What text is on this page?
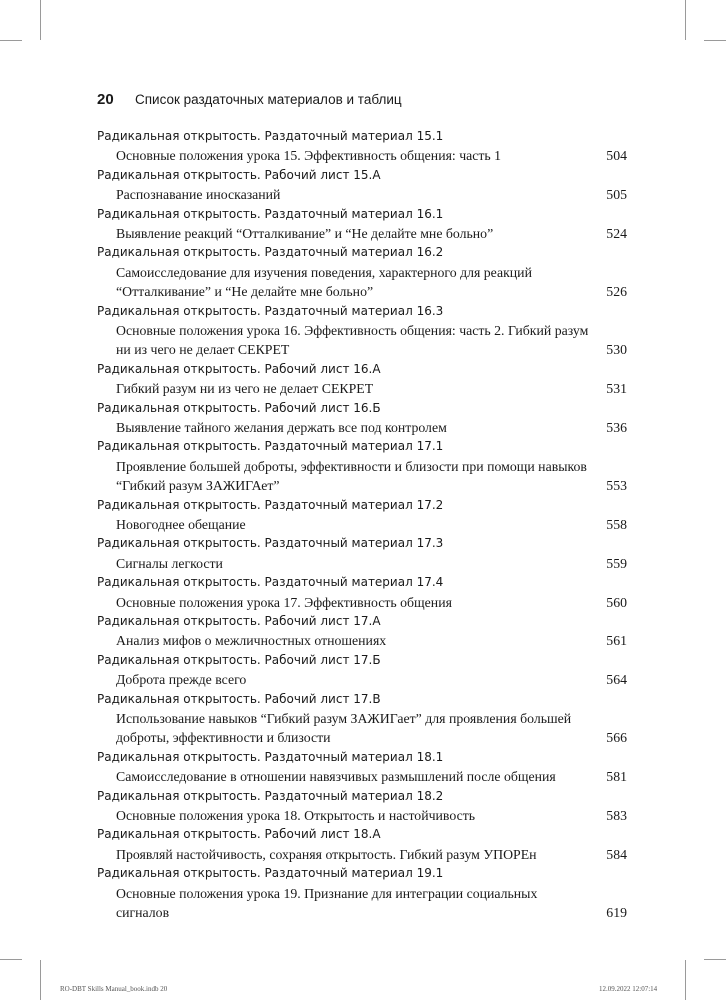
20 Список раздаточных материалов и таблиц
Радикальная открытость. Раздаточный материал 15.1
Основные положения урока 15. Эффективность общения: часть 1	504
Радикальная открытость. Рабочий лист 15.А
Распознавание иносказаний	505
Радикальная открытость. Раздаточный материал 16.1
Выявление реакций “Отталкивание” и “Не делайте мне больно”	524
Радикальная открытость. Раздаточный материал 16.2
Самоисследование для изучения поведения, характерного для реакций “Отталкивание” и “Не делайте мне больно”	526
Радикальная открытость. Раздаточный материал 16.3
Основные положения урока 16. Эффективность общения: часть 2. Гибкий разум ни из чего не делает СЕКРЕТ	530
Радикальная открытость. Рабочий лист 16.А
Гибкий разум ни из чего не делает СЕКРЕТ	531
Радикальная открытость. Рабочий лист 16.Б
Выявление тайного желания держать все под контролем	536
Радикальная открытость. Раздаточный материал 17.1
Проявление большей доброты, эффективности и близости при помощи навыков “Гибкий разум ЗАЖИГАет”	553
Радикальная открытость. Раздаточный материал 17.2
Новогоднее обещание	558
Радикальная открытость. Раздаточный материал 17.3
Сигналы легкости	559
Радикальная открытость. Раздаточный материал 17.4
Основные положения урока 17. Эффективность общения	560
Радикальная открытость. Рабочий лист 17.А
Анализ мифов о межличностных отношениях	561
Радикальная открытость. Рабочий лист 17.Б
Доброта прежде всего	564
Радикальная открытость. Рабочий лист 17.В
Использование навыков “Гибкий разум ЗАЖИГает” для проявления большей доброты, эффективности и близости	566
Радикальная открытость. Раздаточный материал 18.1
Самоисследование в отношении навязчивых размышлений после общения	581
Радикальная открытость. Раздаточный материал 18.2
Основные положения урока 18. Открытость и настойчивость	583
Радикальная открытость. Рабочий лист 18.А
Проявляй настойчивость, сохраняя открытость. Гибкий разум УПОРЕн	584
Радикальная открытость. Раздаточный материал 19.1
Основные положения урока 19. Признание для интеграции социальных сигналов	619
RO-DBT Skills Manual_book.indb 20	12.09.2022 12:07:14
